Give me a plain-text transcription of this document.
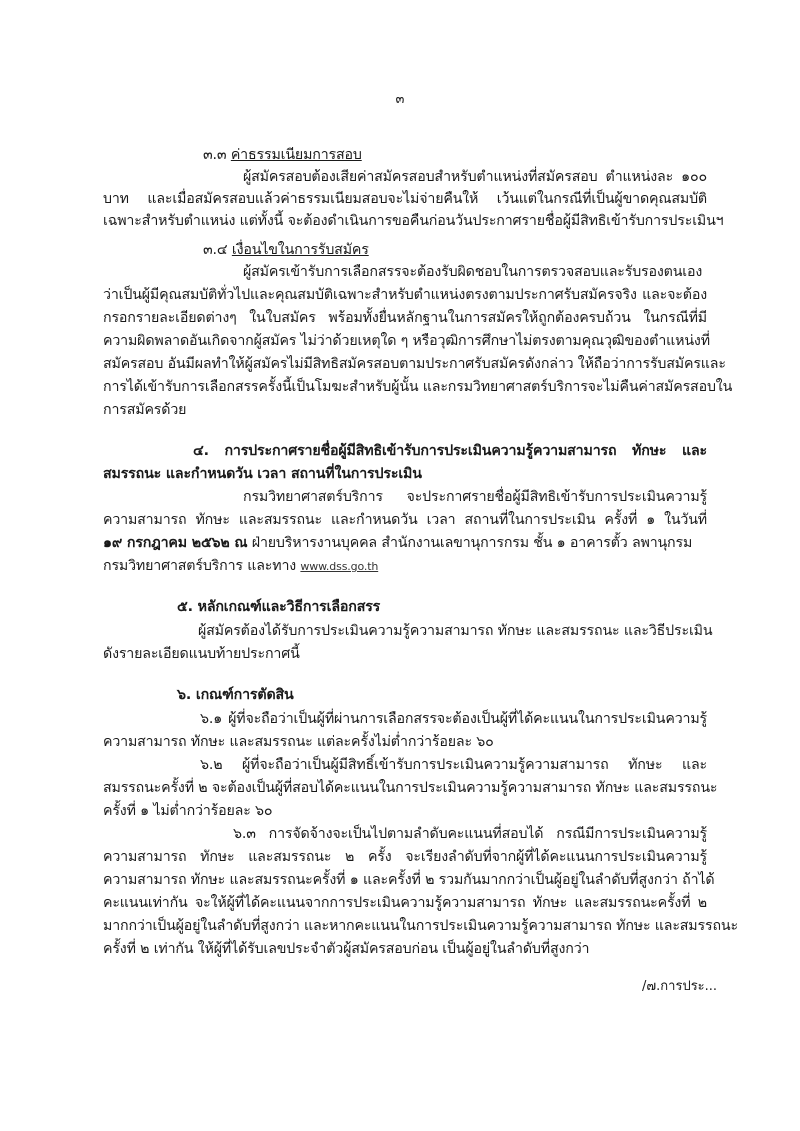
๓
๓.๓ ค่าธรรมเนียมการสอบ
ผู้สมัครสอบต้องเสียค่าสมัครสอบสำหรับตำแหน่งที่สมัครสอบ ตำแหน่งละ ๑๐๐
บาท และเมื่อสมัครสอบแล้วค่าธรรมเนียมสอบจะไม่จ่ายคืนให้ เว้นแต่ในกรณีที่เป็นผู้ขาดคุณสมบัติ
เฉพาะสำหรับตำแหน่ง แต่ทั้งนี้ จะต้องดำเนินการขอคืนก่อนวันประกาศรายชื่อผู้มีสิทธิเข้ารับการประเมินฯ
๓.๔ เงื่อนไขในการรับสมัคร
ผู้สมัครเข้ารับการเลือกสรรจะต้องรับผิดชอบในการตรวจสอบและรับรองตนเอง
ว่าเป็นผู้มีคุณสมบัติทั่วไปและคุณสมบัติเฉพาะสำหรับตำแหน่งตรงตามประกาศรับสมัครจริง และจะต้อง
กรอกรายละเอียดต่างๆ ในใบสมัคร พร้อมทั้งยื่นหลักฐานในการสมัครให้ถูกต้องครบถ้วน ในกรณีที่มี
ความผิดพลาดอันเกิดจากผู้สมัคร ไม่ว่าด้วยเหตุใด ๆ หรือวุฒิการศึกษาไม่ตรงตามคุณวุฒิของตำแหน่งที่
สมัครสอบ อันมีผลทำให้ผู้สมัครไม่มีสิทธิสมัครสอบตามประกาศรับสมัครดังกล่าว ให้ถือว่าการรับสมัครและ
การได้เข้ารับการเลือกสรรครั้งนี้เป็นโมฆะสำหรับผู้นั้น และกรมวิทยาศาสตร์บริการจะไม่คืนค่าสมัครสอบใน
การสมัครด้วย
๔. การประกาศรายชื่อผู้มีสิทธิเข้ารับการประเมินความรู้ความสามารถ ทักษะ และ
สมรรถนะ และกำหนดวัน เวลา สถานที่ในการประเมิน
กรมวิทยาศาสตร์บริการ จะประกาศรายชื่อผู้มีสิทธิเข้ารับการประเมินความรู้
ความสามารถ ทักษะ และสมรรถนะ และกำหนดวัน เวลา สถานที่ในการประเมิน ครั้งที่ ๑ ในวันที่
๑๙ กรกฎาคม ๒๕๖๒ ณ ฝ่ายบริหารงานบุคคล สำนักงานเลขานุการกรม ชั้น ๑ อาคารตั้ว ลพานุกรม
กรมวิทยาศาสตร์บริการ และทาง www.dss.go.th
๕. หลักเกณฑ์และวิธีการเลือกสรร
ผู้สมัครต้องได้รับการประเมินความรู้ความสามารถ ทักษะ และสมรรถนะ และวิธีประเมิน
ดังรายละเอียดแนบท้ายประกาศนี้
๖. เกณฑ์การตัดสิน
๖.๑ ผู้ที่จะถือว่าเป็นผู้ที่ผ่านการเลือกสรรจะต้องเป็นผู้ที่ได้คะแนนในการประเมินความรู้
ความสามารถ ทักษะ และสมรรถนะ แต่ละครั้งไม่ต่ำกว่าร้อยละ ๖๐
๖.๒ ผู้ที่จะถือว่าเป็นผู้มีสิทธิ์เข้ารับการประเมินความรู้ความสามารถ ทักษะ และ
สมรรถนะครั้งที่ ๒ จะต้องเป็นผู้ที่สอบได้คะแนนในการประเมินความรู้ความสามารถ ทักษะ และสมรรถนะ
ครั้งที่ ๑ ไม่ต่ำกว่าร้อยละ ๖๐
๖.๓ การจัดจ้างจะเป็นไปตามลำดับคะแนนที่สอบได้ กรณีมีการประเมินความรู้
ความสามารถ ทักษะ และสมรรถนะ ๒ ครั้ง จะเรียงลำดับที่จากผู้ที่ได้คะแนนการประเมินความรู้
ความสามารถ ทักษะ และสมรรถนะครั้งที่ ๑ และครั้งที่ ๒ รวมกันมากกว่าเป็นผู้อยู่ในลำดับที่สูงกว่า ถ้าได้
คะแนนเท่ากัน จะให้ผู้ที่ได้คะแนนจากการประเมินความรู้ความสามารถ ทักษะ และสมรรถนะครั้งที่ ๒
มากกว่าเป็นผู้อยู่ในลำดับที่สูงกว่า และหากคะแนนในการประเมินความรู้ความสามารถ ทักษะ และสมรรถนะ
ครั้งที่ ๒ เท่ากัน ให้ผู้ที่ได้รับเลขประจำตัวผู้สมัครสอบก่อน เป็นผู้อยู่ในลำดับที่สูงกว่า
/๗.การประ...
